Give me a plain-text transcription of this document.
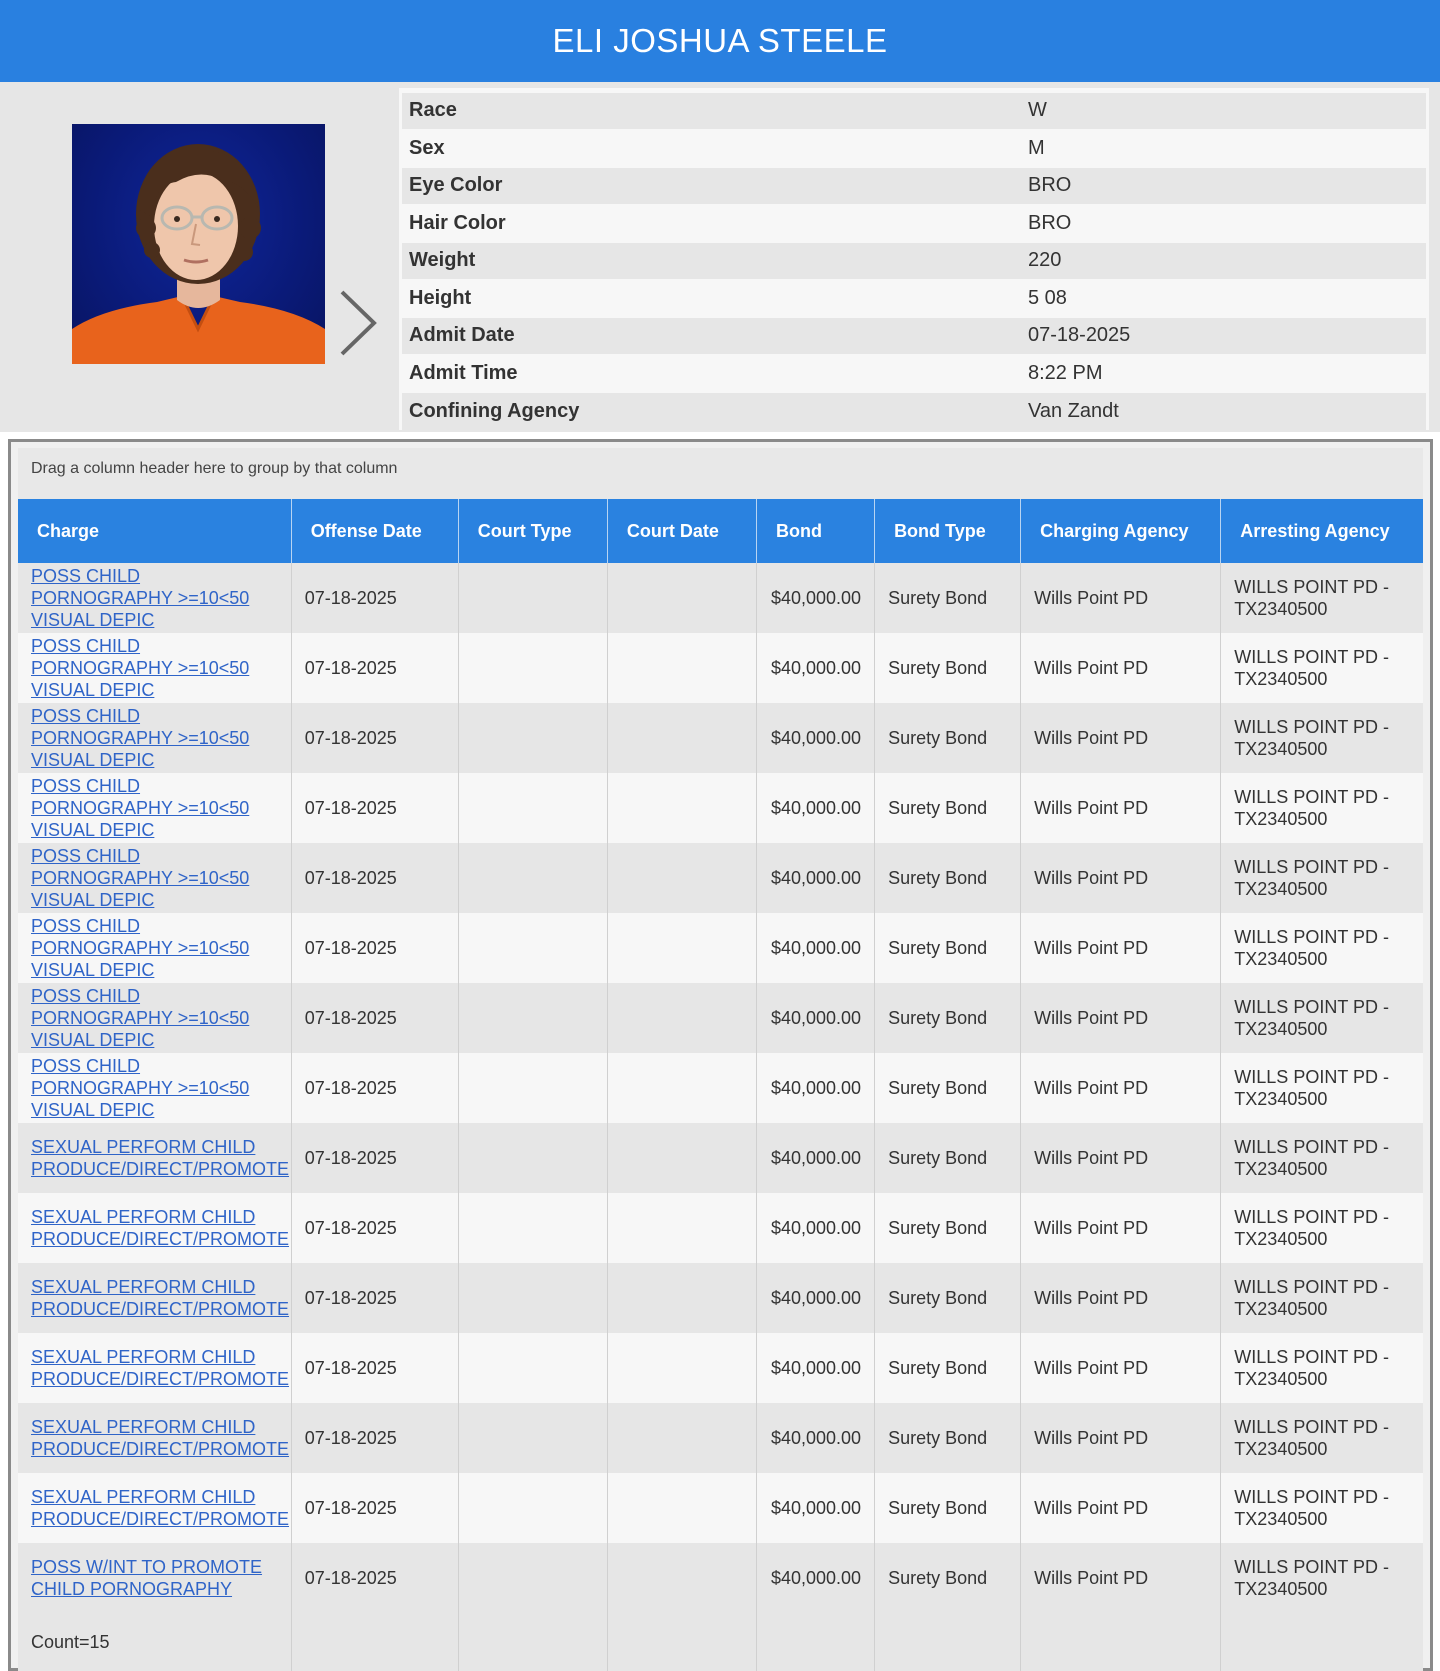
ELI JOSHUA STEELE
Race	W
Sex	M
Eye Color	BRO
Hair Color	BRO
Weight	220
Height	5 08
Admit Date	07-18-2025
Admit Time	8:22 PM
Confining Agency	Van Zandt
Drag a column header here to group by that column
Charge	Offense Date	Court Type	Court Date	Bond	Bond Type	Charging Agency	Arresting Agency
POSS CHILD PORNOGRAPHY >=10<50 VISUAL DEPIC	07-18-2025			$40,000.00	Surety Bond	Wills Point PD	WILLS POINT PD - TX2340500
POSS CHILD PORNOGRAPHY >=10<50 VISUAL DEPIC	07-18-2025			$40,000.00	Surety Bond	Wills Point PD	WILLS POINT PD - TX2340500
POSS CHILD PORNOGRAPHY >=10<50 VISUAL DEPIC	07-18-2025			$40,000.00	Surety Bond	Wills Point PD	WILLS POINT PD - TX2340500
POSS CHILD PORNOGRAPHY >=10<50 VISUAL DEPIC	07-18-2025			$40,000.00	Surety Bond	Wills Point PD	WILLS POINT PD - TX2340500
POSS CHILD PORNOGRAPHY >=10<50 VISUAL DEPIC	07-18-2025			$40,000.00	Surety Bond	Wills Point PD	WILLS POINT PD - TX2340500
POSS CHILD PORNOGRAPHY >=10<50 VISUAL DEPIC	07-18-2025			$40,000.00	Surety Bond	Wills Point PD	WILLS POINT PD - TX2340500
POSS CHILD PORNOGRAPHY >=10<50 VISUAL DEPIC	07-18-2025			$40,000.00	Surety Bond	Wills Point PD	WILLS POINT PD - TX2340500
POSS CHILD PORNOGRAPHY >=10<50 VISUAL DEPIC	07-18-2025			$40,000.00	Surety Bond	Wills Point PD	WILLS POINT PD - TX2340500
SEXUAL PERFORM CHILD PRODUCE/DIRECT/PROMOTE	07-18-2025			$40,000.00	Surety Bond	Wills Point PD	WILLS POINT PD - TX2340500
SEXUAL PERFORM CHILD PRODUCE/DIRECT/PROMOTE	07-18-2025			$40,000.00	Surety Bond	Wills Point PD	WILLS POINT PD - TX2340500
SEXUAL PERFORM CHILD PRODUCE/DIRECT/PROMOTE	07-18-2025			$40,000.00	Surety Bond	Wills Point PD	WILLS POINT PD - TX2340500
SEXUAL PERFORM CHILD PRODUCE/DIRECT/PROMOTE	07-18-2025			$40,000.00	Surety Bond	Wills Point PD	WILLS POINT PD - TX2340500
SEXUAL PERFORM CHILD PRODUCE/DIRECT/PROMOTE	07-18-2025			$40,000.00	Surety Bond	Wills Point PD	WILLS POINT PD - TX2340500
SEXUAL PERFORM CHILD PRODUCE/DIRECT/PROMOTE	07-18-2025			$40,000.00	Surety Bond	Wills Point PD	WILLS POINT PD - TX2340500
POSS W/INT TO PROMOTE CHILD PORNOGRAPHY	07-18-2025			$40,000.00	Surety Bond	Wills Point PD	WILLS POINT PD - TX2340500
Count=15							
